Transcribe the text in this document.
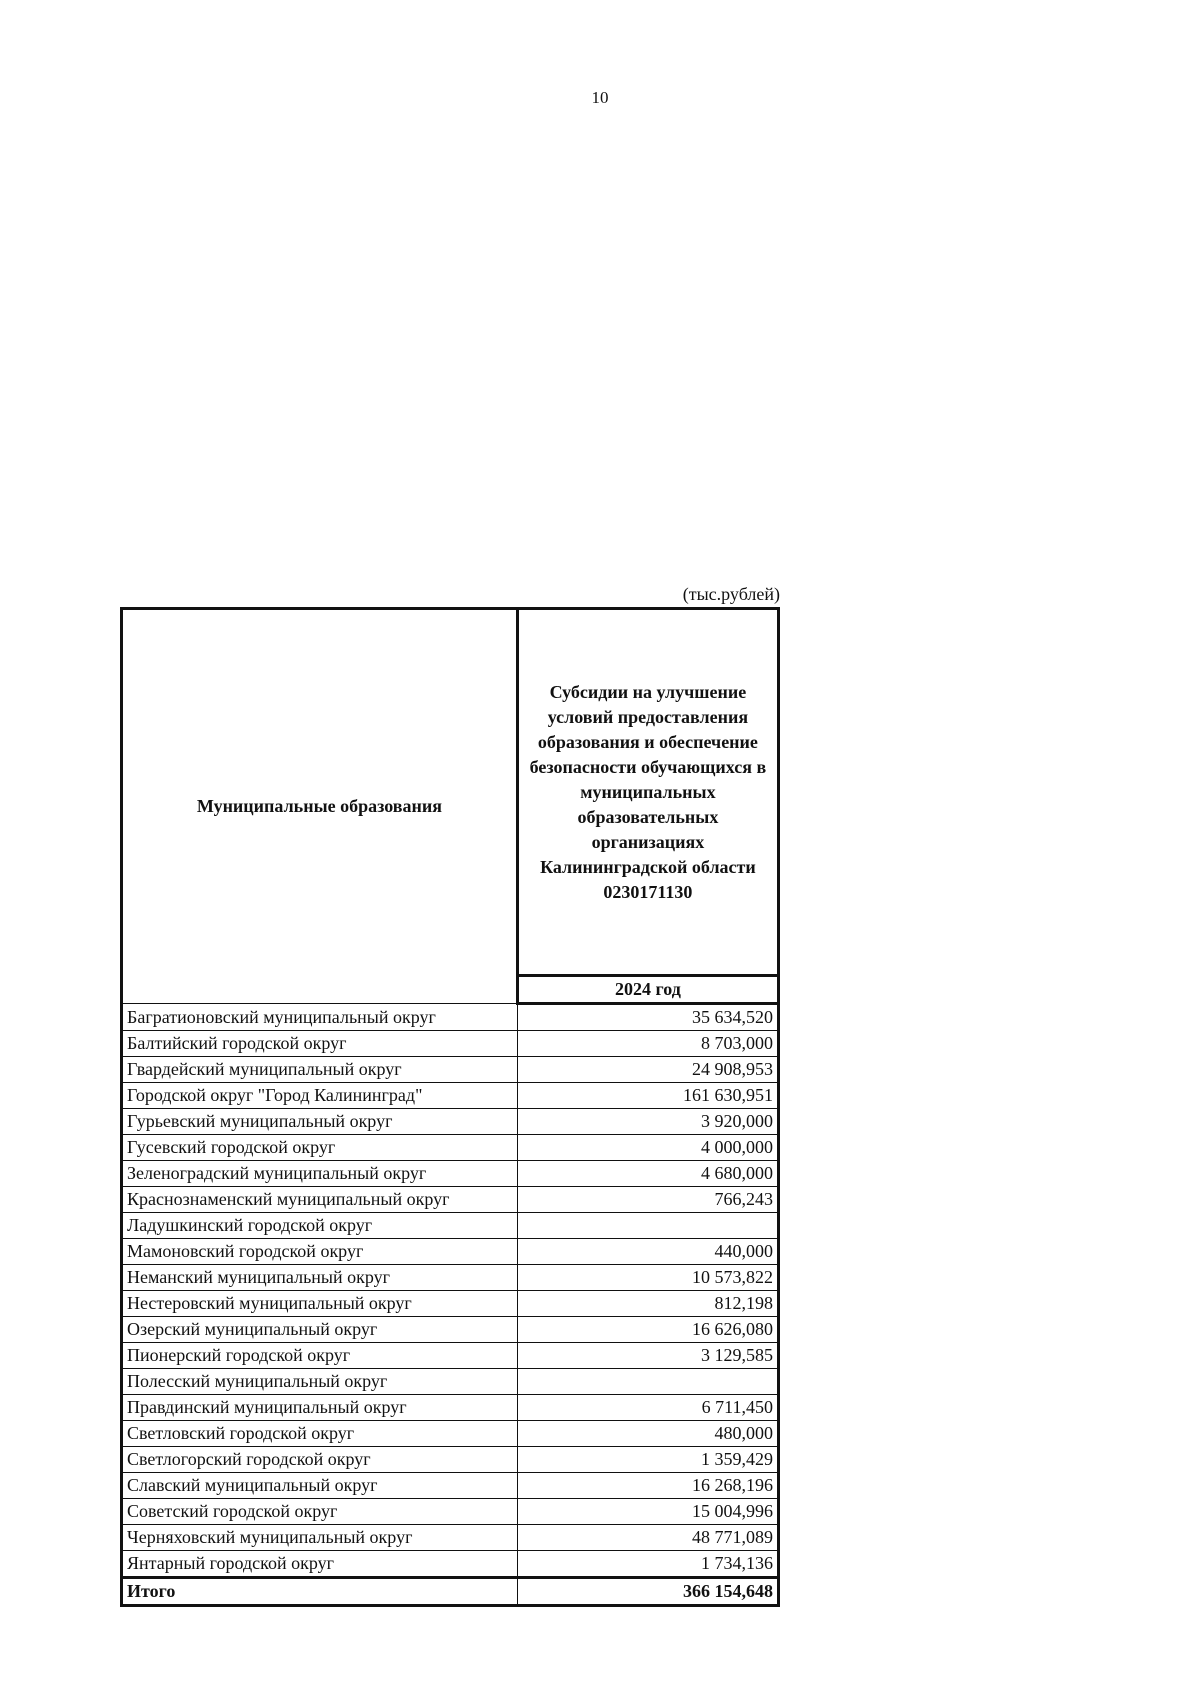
10
(тыс.рублей)
Муниципальные образования	Субсидии на улучшение условий предоставления образования и обеспечение безопасности обучающихся в муниципальных образовательных организациях Калининградской области 0230171130
	2024 год
Багратионовский муниципальный округ	35 634,520
Балтийский городской округ	8 703,000
Гвардейский муниципальный округ	24 908,953
Городской округ "Город Калининград"	161 630,951
Гурьевский муниципальный округ	3 920,000
Гусевский городской округ	4 000,000
Зеленоградский муниципальный округ	4 680,000
Краснознаменский муниципальный округ	766,243
Ладушкинский городской округ	
Мамоновский городской округ	440,000
Неманский муниципальный округ	10 573,822
Нестеровский муниципальный округ	812,198
Озерский муниципальный округ	16 626,080
Пионерский городской округ	3 129,585
Полесский муниципальный округ	
Правдинский муниципальный округ	6 711,450
Светловский городской округ	480,000
Светлогорский городской округ	1 359,429
Славский муниципальный округ	16 268,196
Советский городской округ	15 004,996
Черняховский муниципальный округ	48 771,089
Янтарный городской округ	1 734,136
Итого	366 154,648
